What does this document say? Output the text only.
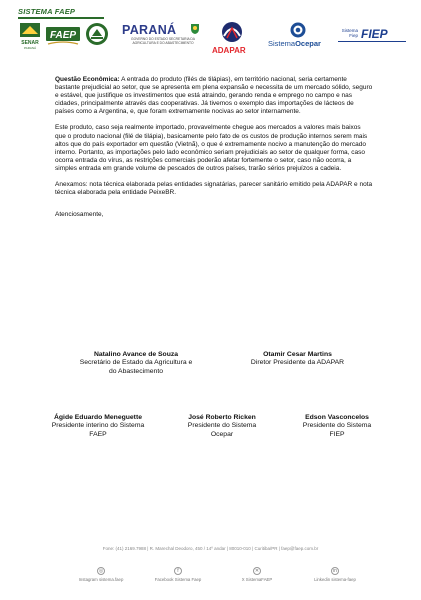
SISTEMA FAEP
SENAR
PARANÁ
FAEP	PARANÁ
GOVERNO DO ESTADO SECRETARIA DA AGRICULTURA E DO ABASTECIMENTO
ADAPAR
SistemaOcepar
Sistema Fiep FIEP

Questão Econômica: A entrada do produto (filés de tilápias), em território nacional, seria certamente bastante prejudicial ao setor, que se apresenta em plena expansão e necessita de um mercado sólido, seguro e estável, que justifique os investimentos que está atraindo, gerando renda e emprego no campo e nas cidades, principalmente através das cooperativas. Já tivemos o exemplo das importações de lácteos de países como a Argentina, e, que foram extremamente nocivas ao setor internamente.

Este produto, caso seja realmente importado, provavelmente chegue aos mercados a valores mais baixos que o produto nacional (filé de tilápia), basicamente pelo fato de os custos de produção internos serem mais altos que do país exportador em questão (Vietnã), o que é extremamente nocivo a manutenção do mercado interno. Portanto, as importações pelo lado econômico seriam prejudiciais ao setor de qualquer forma, caso ocorra entrada do vírus, as restrições comerciais poderão afetar fortemente o setor, caso não ocorra, a simples entrada em grande volume de pescados de outros países, trarão sérios prejuízos a cadeia.

Anexamos: nota técnica elaborada pelas entidades signatárias, parecer sanitário emitido pela ADAPAR e nota técnica elaborada pela entidade PeixeBR.

Atenciosamente,

Natalino Avance de Souza
Secretário de Estado da Agricultura e
do Abastecimento
Otamir Cesar Martins
Diretor Presidente da ADAPAR
Ágide Eduardo Meneguette
Presidente interino do Sistema
FAEP
José Roberto Ricken
Presidente do Sistema
Ocepar
Edson Vasconcelos
Presidente do Sistema
FIEP
Fone: (41) 2169.7988 | R. Marechal Deodoro, 450 / 14º andar | 80010-010 | Curitiba/PR | faep@faep.com.br
◎
Instagram sistema.faep
f
Facebook Sistema Faep
✕
X SistemaFAEP
in
Linkedin sistema-faep
